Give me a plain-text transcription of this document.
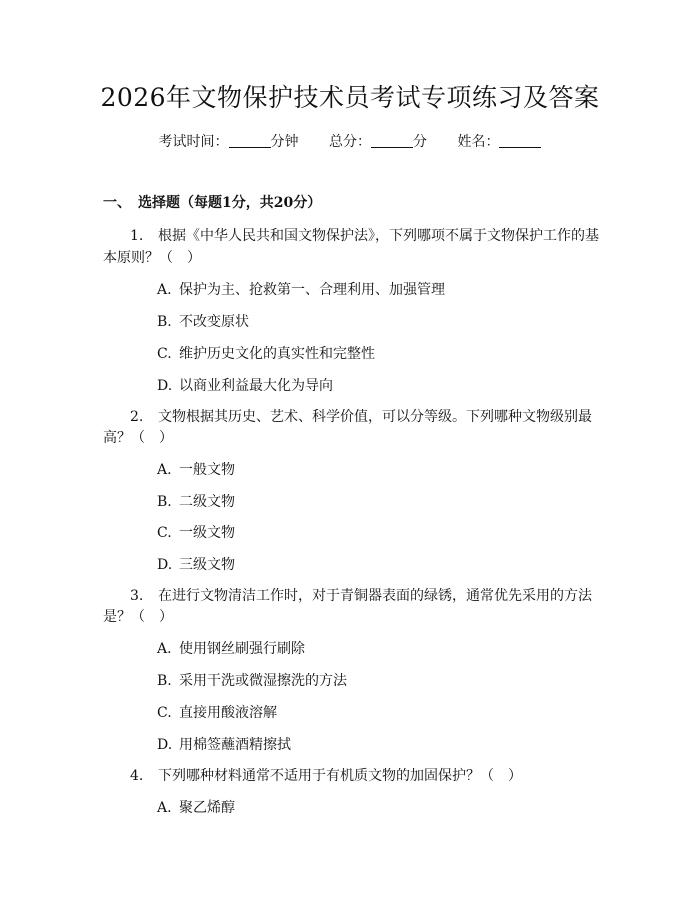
2026年文物保护技术员考试专项练习及答案
考试时间：	分钟 总分：	分 姓名：
一、 选择题（每题1分，共20分）
1. 根据《中华人民共和国文物保护法》，下列哪项不属于文物保护工作的基
本原则？（　）
A. 保护为主、抢救第一、合理利用、加强管理
B. 不改变原状
C. 维护历史文化的真实性和完整性
D. 以商业利益最大化为导向
2. 文物根据其历史、艺术、科学价值，可以分等级。下列哪种文物级别最
高？（　）
A. 一般文物
B. 二级文物
C. 一级文物
D. 三级文物
3. 在进行文物清洁工作时，对于青铜器表面的绿锈，通常优先采用的方法
是？（　）
A. 使用钢丝刷强行刷除
B. 采用干洗或微湿擦洗的方法
C. 直接用酸液溶解
D. 用棉签蘸酒精擦拭
4. 下列哪种材料通常不适用于有机质文物的加固保护？（　）
A. 聚乙烯醇
